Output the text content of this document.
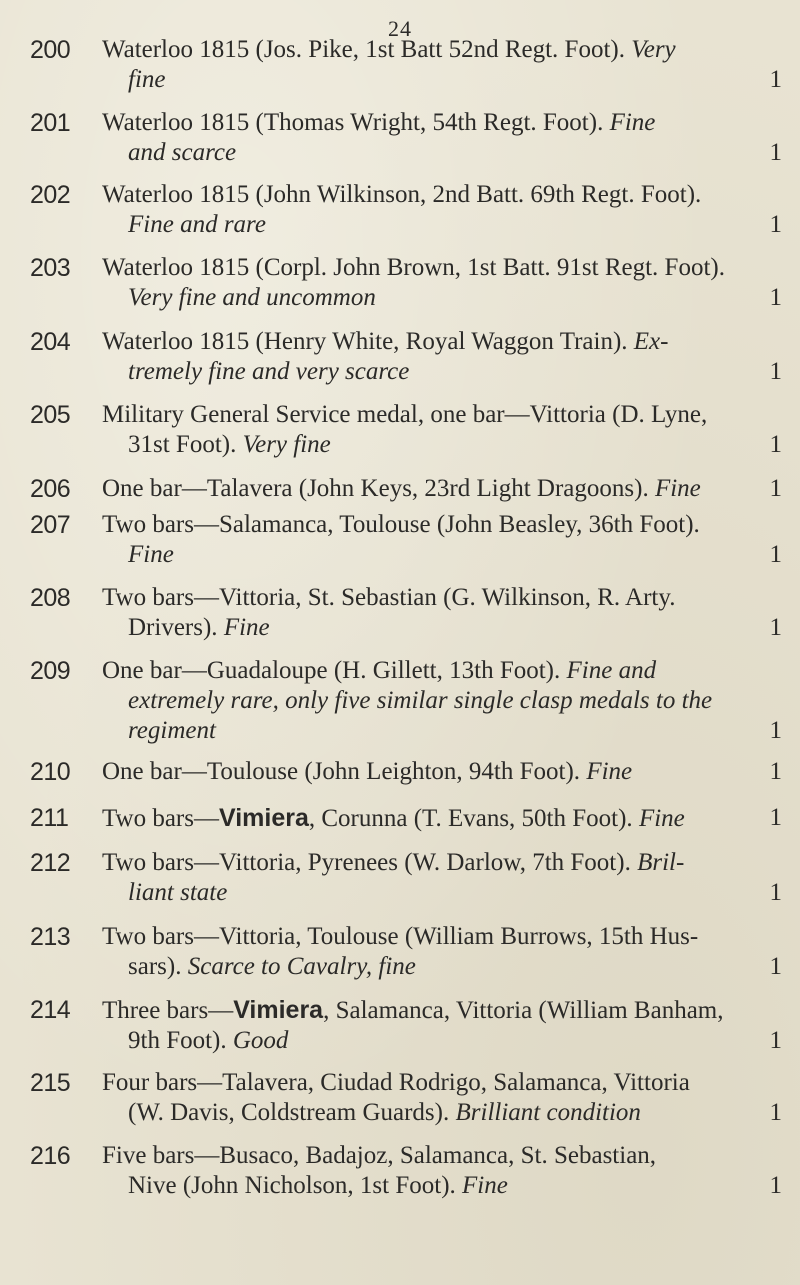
24
200	Waterloo 1815 (Jos. Pike, 1st Batt 52nd Regt. Foot). Very
fine	1
201	Waterloo 1815 (Thomas Wright, 54th Regt. Foot). Fine
and scarce	1
202	Waterloo 1815 (John Wilkinson, 2nd Batt. 69th Regt. Foot).
Fine and rare	1
203	Waterloo 1815 (Corpl. John Brown, 1st Batt. 91st Regt. Foot).
Very fine and uncommon	1
204	Waterloo 1815 (Henry White, Royal Waggon Train). Ex-
tremely fine and very scarce	1
205	Military General Service medal, one bar—Vittoria (D. Lyne,
31st Foot). Very fine	1
206	One bar—Talavera (John Keys, 23rd Light Dragoons). Fine	1
207	Two bars—Salamanca, Toulouse (John Beasley, 36th Foot).
Fine	1
208	Two bars—Vittoria, St. Sebastian (G. Wilkinson, R. Arty.
Drivers). Fine	1
209	One bar—Guadaloupe (H. Gillett, 13th Foot). Fine and
extremely rare, only five similar single clasp medals to the
regiment	1
210	One bar—Toulouse (John Leighton, 94th Foot). Fine	1
211	Two bars—Vimiera, Corunna (T. Evans, 50th Foot). Fine	1
212	Two bars—Vittoria, Pyrenees (W. Darlow, 7th Foot). Bril-
liant state	1
213	Two bars—Vittoria, Toulouse (William Burrows, 15th Hus-
sars). Scarce to Cavalry, fine	1
214	Three bars—Vimiera, Salamanca, Vittoria (William Banham,
9th Foot). Good	1
215	Four bars—Talavera, Ciudad Rodrigo, Salamanca, Vittoria
(W. Davis, Coldstream Guards). Brilliant condition	1
216	Five bars—Busaco, Badajoz, Salamanca, St. Sebastian,
Nive (John Nicholson, 1st Foot). Fine	1
